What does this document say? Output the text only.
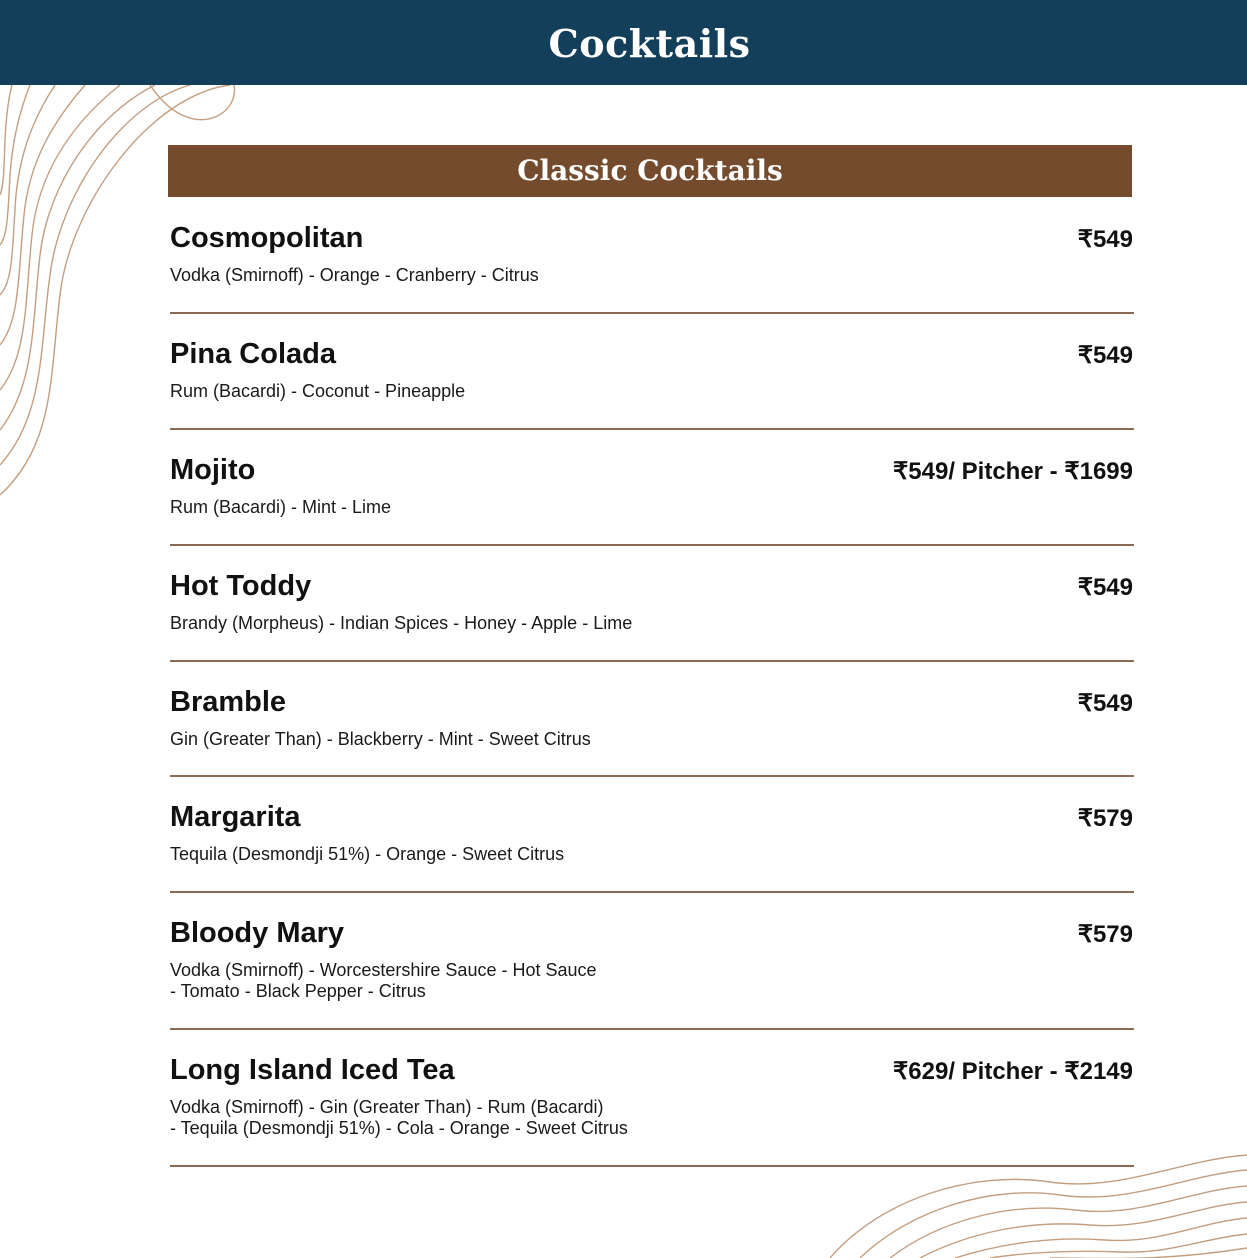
Cocktails
Classic Cocktails
Cosmopolitan	₹549
Vodka (Smirnoff) - Orange - Cranberry - Citrus
Pina Colada	₹549
Rum (Bacardi) - Coconut - Pineapple
Mojito	₹549/ Pitcher - ₹1699
Rum (Bacardi) - Mint - Lime
Hot Toddy	₹549
Brandy (Morpheus) - Indian Spices - Honey - Apple - Lime
Bramble	₹549
Gin (Greater Than) - Blackberry - Mint - Sweet Citrus
Margarita	₹579
Tequila (Desmondji 51%) - Orange - Sweet Citrus
Bloody Mary	₹579
Vodka (Smirnoff) - Worcestershire Sauce - Hot Sauce
- Tomato - Black Pepper - Citrus
Long Island Iced Tea	₹629/ Pitcher - ₹2149
Vodka (Smirnoff) - Gin (Greater Than) - Rum (Bacardi)
- Tequila (Desmondji 51%) - Cola - Orange - Sweet Citrus
